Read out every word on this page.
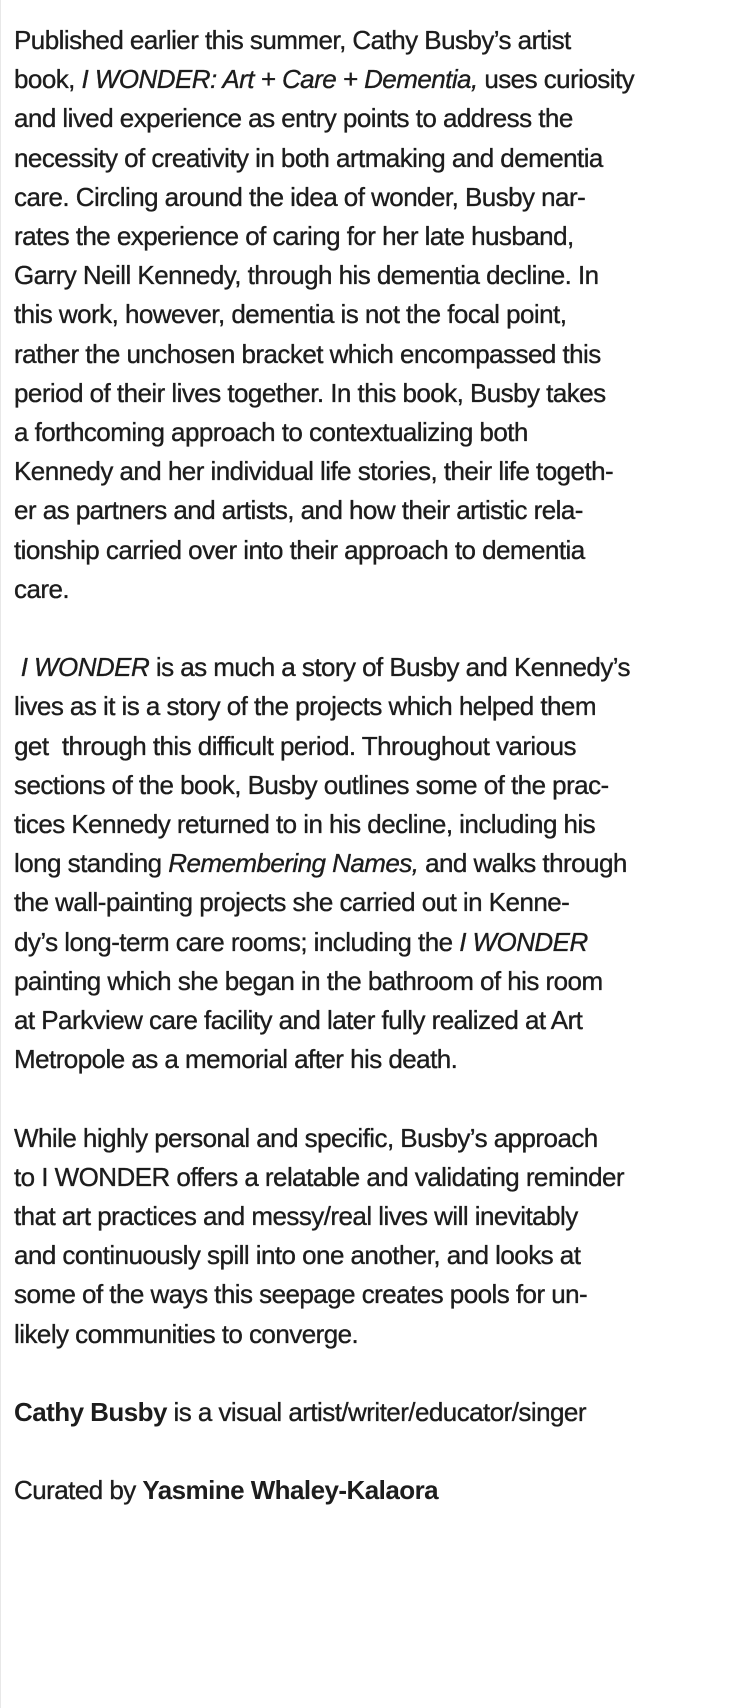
Published earlier this summer, Cathy Busby’s artist
book, I WONDER: Art + Care + Dementia, uses curiosity
and lived experience as entry points to address the
necessity of creativity in both artmaking and dementia
care. Circling around the idea of wonder, Busby nar-
rates the experience of caring for her late husband,
Garry Neill Kennedy, through his dementia decline. In
this work, however, dementia is not the focal point,
rather the unchosen bracket which encompassed this
period of their lives together. In this book, Busby takes
a forthcoming approach to contextualizing both
Kennedy and her individual life stories, their life togeth-
er as partners and artists, and how their artistic rela-
tionship carried over into their approach to dementia
care.

I WONDER is as much a story of Busby and Kennedy’s
lives as it is a story of the projects which helped them
get  through this difficult period. Throughout various
sections of the book, Busby outlines some of the prac-
tices Kennedy returned to in his decline, including his
long standing Remembering Names, and walks through
the wall-painting projects she carried out in Kenne-
dy’s long-term care rooms; including the I WONDER
painting which she began in the bathroom of his room
at Parkview care facility and later fully realized at Art
Metropole as a memorial after his death.

While highly personal and specific, Busby’s approach
to I WONDER offers a relatable and validating reminder
that art practices and messy/real lives will inevitably
and continuously spill into one another, and looks at
some of the ways this seepage creates pools for un-
likely communities to converge.

Cathy Busby is a visual artist/writer/educator/singer

Curated by Yasmine Whaley-Kalaora
